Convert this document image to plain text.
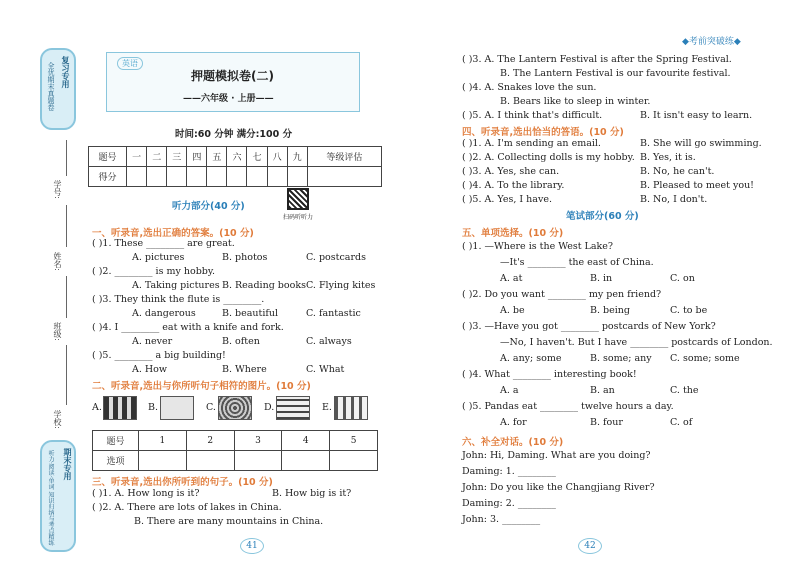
◆考前突破练◆
复习专用
全优期末真题卷
期末专用
听力·阅读·单词 知识归纳与考点精练
学号:
姓名:
班级:
学校:
英语
押题模拟卷(二)
——六年级 · 上册——
时间:60 分钟 满分:100 分
题号	一	二	三	四	五	六	七	八	九	等级评估
得分										
听力部分(40 分)
扫码听听力
一、听录音,选出正确的答案。(10 分)
( )1. These ________ are great.
A. pictures	B. photos	C. postcards
( )2. ________ is my hobby.
A. Taking pictures B. Reading books C. Flying kites
( )3. They think the flute is ________.
A. dangerous	B. beautiful	C. fantastic
( )4. I ________ eat with a knife and fork.
A. never	B. often	C. always
( )5. ________ a big building!
A. How	B. Where	C. What
二、听录音,选出与你所听句子相符的图片。(10 分)
A.	B.	C.	D.	E.
题号	1	2	3	4	5
选项					
三、听录音,选出你所听到的句子。(10 分)
( )1. A. How long is it?	B. How big is it?
( )2. A. There are lots of lakes in China.
B. There are many mountains in China.
41
( )3. A. The Lantern Festival is after the Spring Festival.
B. The Lantern Festival is our favourite festival.
( )4. A. Snakes love the sun.
B. Bears like to sleep in winter.
( )5. A. I think that's difficult.	B. It isn't easy to learn.
四、听录音,选出恰当的答语。(10 分)
( )1. A. I'm sending an email.	B. She will go swimming.
( )2. A. Collecting dolls is my hobby. B. Yes, it is.
( )3. A. Yes, she can.	B. No, he can't.
( )4. A. To the library.	B. Pleased to meet you!
( )5. A. Yes, I have.	B. No, I don't.
笔试部分(60 分)
五、单项选择。(10 分)
( )1. —Where is the West Lake?
—It's ________ the east of China.
A. at	B. in	C. on
( )2. Do you want ________ my pen friend?
A. be	B. being	C. to be
( )3. —Have you got ________ postcards of New York?
—No, I haven't. But I have ________ postcards of London.
A. any; some	B. some; any C. some; some
( )4. What ________ interesting book!
A. a	B. an	C. the
( )5. Pandas eat ________ twelve hours a day.
A. for	B. four	C. of
六、补全对话。(10 分)
John: Hi, Daming. What are you doing?
Daming: 1. ________
John: Do you like the Changjiang River?
Daming: 2. ________
John: 3. ________
42
